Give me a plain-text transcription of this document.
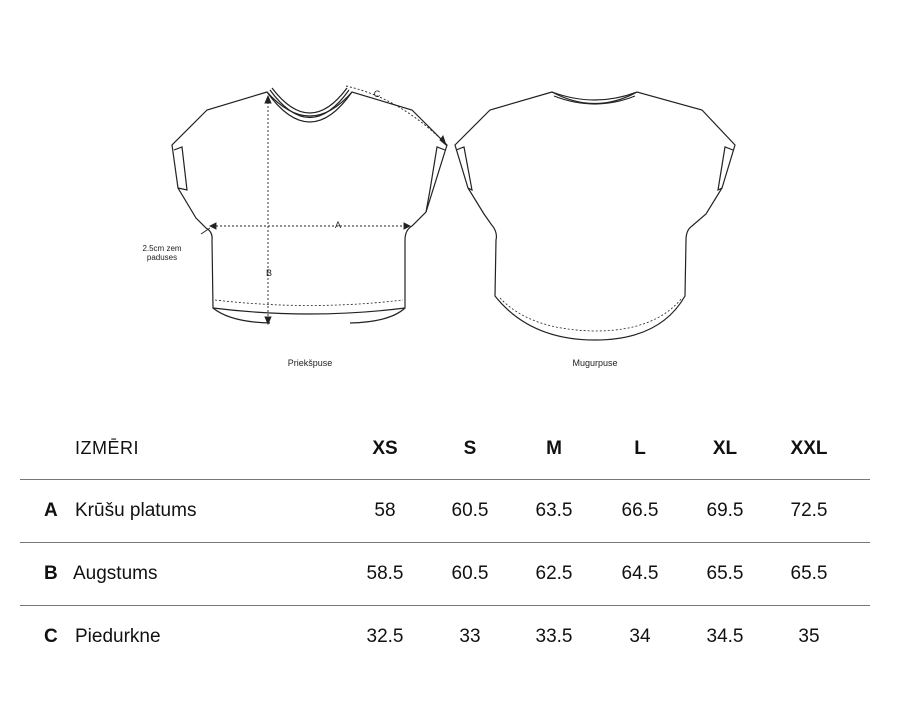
Priekšpuse	Mugurpuse
2.5cm zem
paduses
A
B
C
IZMĒRI	XS	S	M	L	XL	XXL
A Krūšu platums	58	60.5	63.5	66.5	69.5	72.5
B Augstums	58.5	60.5	62.5	64.5	65.5	65.5
C Piedurkne	32.5	33	33.5	34	34.5	35
